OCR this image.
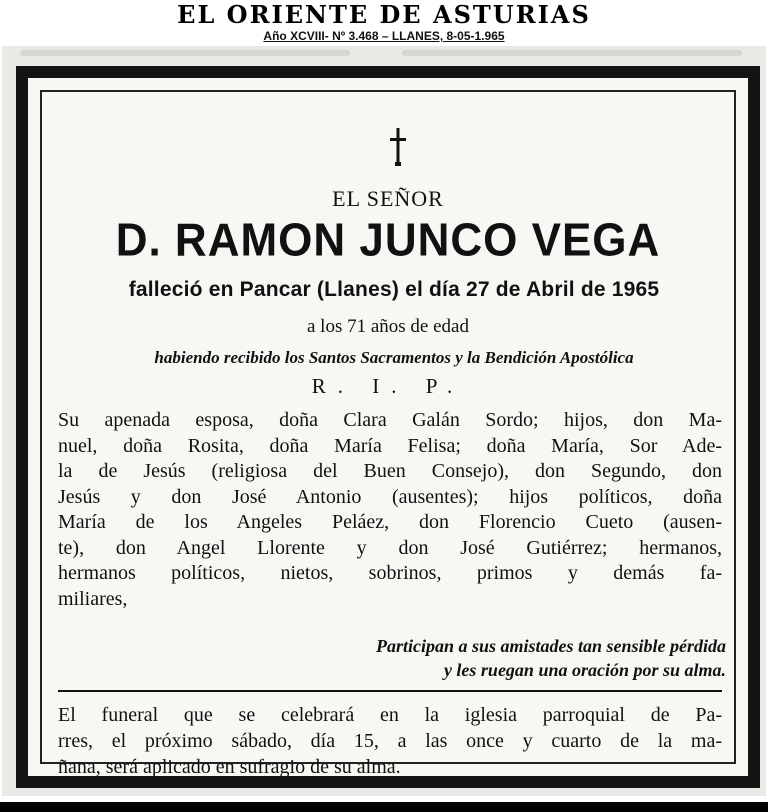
EL ORIENTE DE ASTURIAS
Año XCVIII- Nº 3.468 – LLANES, 8-05-1.965
EL SEÑOR
D. RAMON JUNCO VEGA
falleció en Pancar (Llanes) el día 27 de Abril de 1965
a los 71 años de edad
habiendo recibido los Santos Sacramentos y la Bendición Apostólica
R. I. P.
Su apenada esposa, doña Clara Galán Sordo; hijos, don Ma-
nuel, doña Rosita, doña María Felisa; doña María, Sor Ade-
la de Jesús (religiosa del Buen Consejo), don Segundo, don
Jesús y don José Antonio (ausentes); hijos políticos, doña
María de los Angeles Peláez, don Florencio Cueto (ausen-
te), don Angel Llorente y don José Gutiérrez; hermanos,
hermanos políticos, nietos, sobrinos, primos y demás fa-
miliares,
Participan a sus amistades tan sensible pérdida
y les ruegan una oración por su alma.
El funeral que se celebrará en la iglesia parroquial de Pa-
rres, el próximo sábado, día 15, a las once y cuarto de la ma-
ñana, será aplicado en sufragio de su alma.
